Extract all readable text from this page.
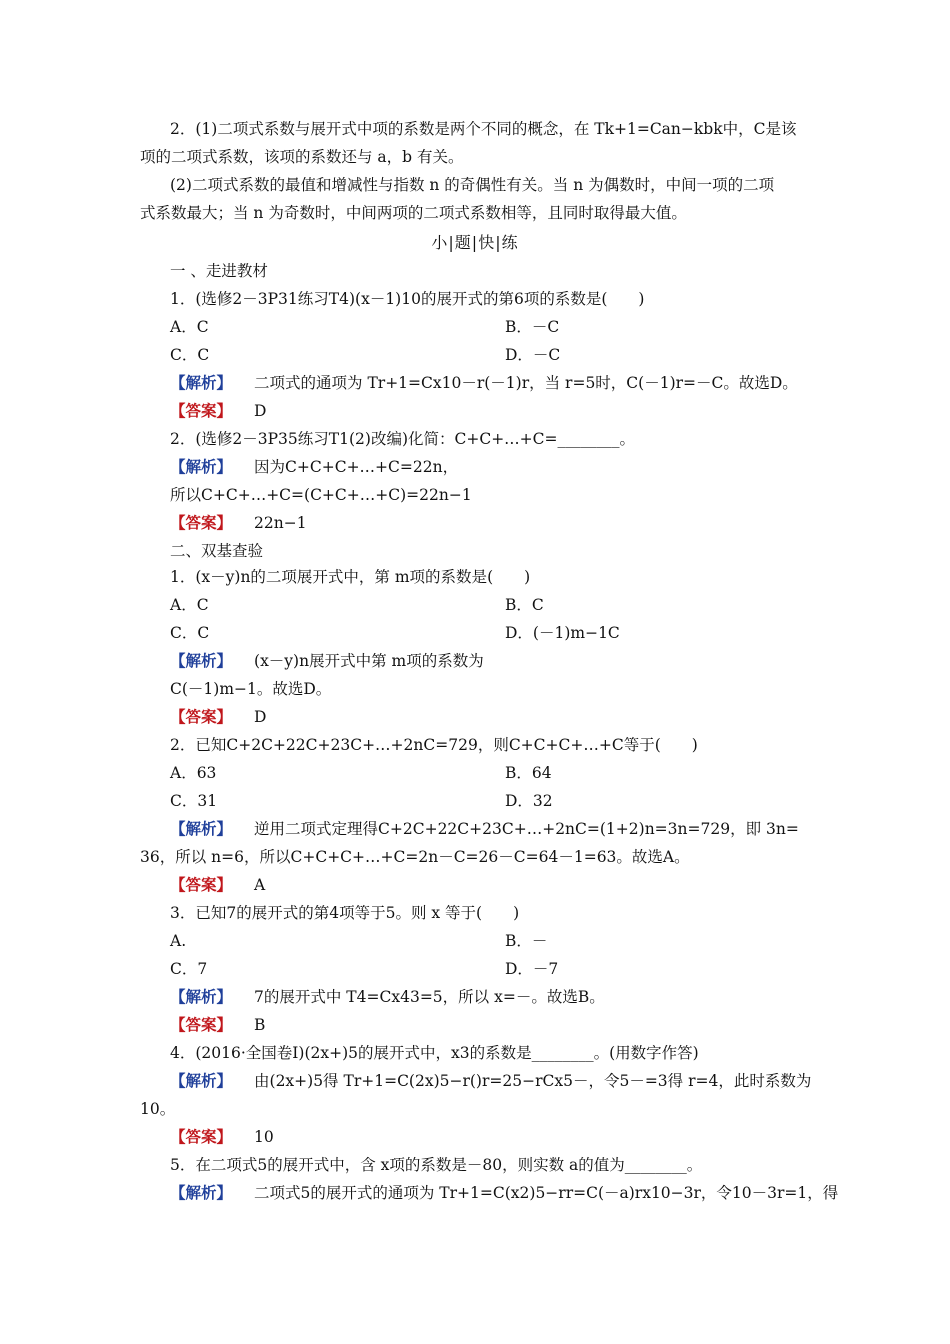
2．(1)二项式系数与展开式中项的系数是两个不同的概念，在 Tk+1=Can−kbk中，C是该
项的二项式系数，该项的系数还与 a，b 有关。
(2)二项式系数的最值和增减性与指数 n 的奇偶性有关。当 n 为偶数时，中间一项的二项
式系数最大；当 n 为奇数时，中间两项的二项式系数相等，且同时取得最大值。
小|题|快|练
一 、走进教材
1．(选修2－3P31练习T4)(x－1)10的展开式的第6项的系数是(　　)
A．C	B．－C
C．C	D．－C
【解析】 二项式的通项为 Tr+1=Cx10－r(－1)r，当 r=5时，C(－1)r=－C。故选D。
【答案】 D
2．(选修2－3P35练习T1(2)改编)化简：C+C+…+C=________。
【解析】 因为C+C+C+…+C=22n，
所以C+C+…+C=(C+C+…+C)=22n−1
【答案】 22n−1
二、双基查验
1．(x－y)n的二项展开式中，第 m项的系数是(　　)
A．C	B．C
C．C	D．(－1)m−1C
【解析】 (x－y)n展开式中第 m项的系数为
C(－1)m−1。故选D。
【答案】 D
2．已知C+2C+22C+23C+…+2nC=729，则C+C+C+…+C等于(　　)
A．63	B．64
C．31	D．32
【解析】 逆用二项式定理得C+2C+22C+23C+…+2nC=(1+2)n=3n=729，即 3n=
36，所以 n=6，所以C+C+C+…+C=2n－C=26－C=64－1=63。故选A。
【答案】 A
3．已知7的展开式的第4项等于5。则 x 等于(　　)
A.	B．－
C．7	D．－7
【解析】 7的展开式中 T4=Cx43=5，所以 x=－。故选B。
【答案】 B
4．(2016·全国卷Ⅰ)(2x+)5的展开式中，x3的系数是________。(用数字作答)
【解析】 由(2x+)5得 Tr+1=C(2x)5−r()r=25−rCx5－，令5－=3得 r=4，此时系数为
10。
【答案】 10
5．在二项式5的展开式中，含 x项的系数是－80，则实数 a的值为________。
【解析】 二项式5的展开式的通项为 Tr+1=C(x2)5−rr=C(－a)rx10−3r，令10－3r=1，得
